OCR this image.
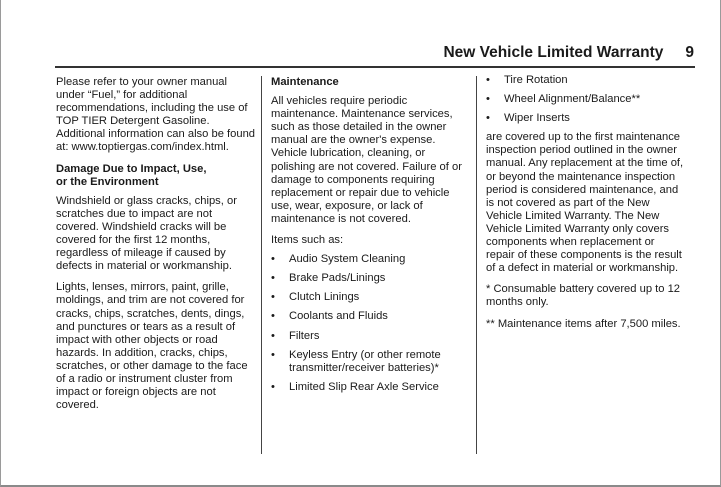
New Vehicle Limited Warranty 9

Please refer to your owner manual under “Fuel,” for additional recommendations, including the use of TOP TIER Detergent Gasoline. Additional information can also be found at: www.toptiergas.com/index.html.

Damage Due to Impact, Use,
or the Environment

Windshield or glass cracks, chips, or scratches due to impact are not covered. Windshield cracks will be covered for the first 12 months, regardless of mileage if caused by defects in material or workmanship.

Lights, lenses, mirrors, paint, grille, moldings, and trim are not covered for cracks, chips, scratches, dents, dings, and punctures or tears as a result of impact with other objects or road hazards. In addition, cracks, chips, scratches, or other damage to the face of a radio or instrument cluster from impact or foreign objects are not covered.

Maintenance

All vehicles require periodic maintenance. Maintenance services, such as those detailed in the owner manual are the owner's expense. Vehicle lubrication, cleaning, or polishing are not covered. Failure of or damage to components requiring replacement or repair due to vehicle use, wear, exposure, or lack of maintenance is not covered.

Items such as:

• Audio System Cleaning
• Brake Pads/Linings
• Clutch Linings
• Coolants and Fluids
• Filters
• Keyless Entry (or other remote transmitter/receiver batteries)*
• Limited Slip Rear Axle Service
• Tire Rotation
• Wheel Alignment/Balance**
• Wiper Inserts

are covered up to the first maintenance inspection period outlined in the owner manual. Any replacement at the time of, or beyond the maintenance inspection period is considered maintenance, and is not covered as part of the New Vehicle Limited Warranty. The New Vehicle Limited Warranty only covers components when replacement or repair of these components is the result of a defect in material or workmanship.

* Consumable battery covered up to 12 months only.

** Maintenance items after 7,500 miles.
